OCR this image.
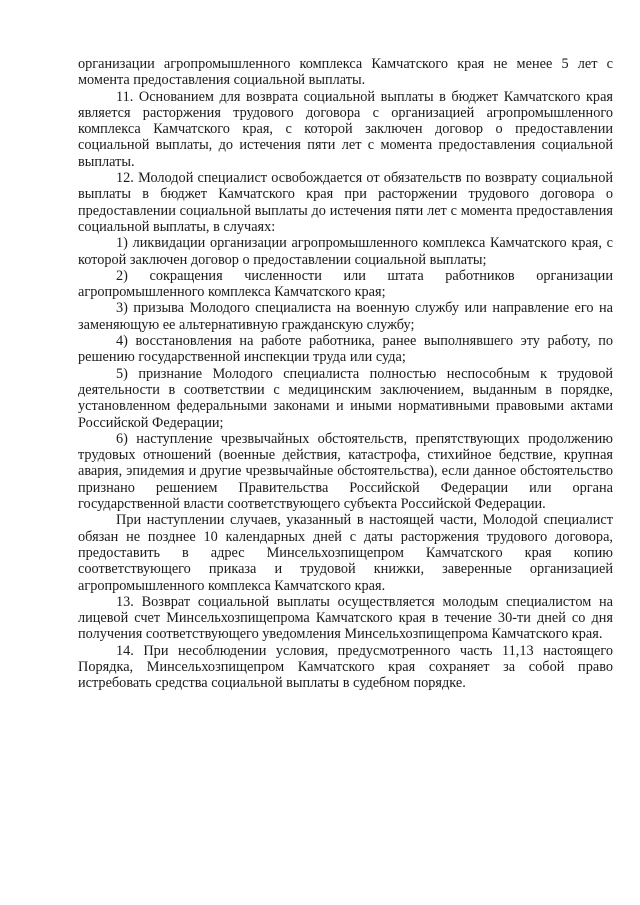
организации агропромышленного комплекса Камчатского края не менее 5 лет с момента предоставления социальной выплаты.

11. Основанием для возврата социальной выплаты в бюджет Камчатского края является расторжения трудового договора с организацией агропромышленного комплекса Камчатского края, с которой заключен договор о предоставлении социальной выплаты, до истечения пяти лет с момента предоставления социальной выплаты.

12. Молодой специалист освобождается от обязательств по возврату социальной выплаты в бюджет Камчатского края при расторжении трудового договора о предоставлении социальной выплаты до истечения пяти лет с момента предоставления социальной выплаты, в случаях:

1) ликвидации организации агропромышленного комплекса Камчатского края, с которой заключен договор о предоставлении социальной выплаты;

2) сокращения численности или штата работников организации агропромышленного комплекса Камчатского края;

3) призыва Молодого специалиста на военную службу или направление его на заменяющую ее альтернативную гражданскую службу;

4) восстановления на работе работника, ранее выполнявшего эту работу, по решению государственной инспекции труда или суда;

5) признание Молодого специалиста полностью неспособным к трудовой деятельности в соответствии с медицинским заключением, выданным в порядке, установленном федеральными законами и иными нормативными правовыми актами Российской Федерации;

6) наступление чрезвычайных обстоятельств, препятствующих продолжению трудовых отношений (военные действия, катастрофа, стихийное бедствие, крупная авария, эпидемия и другие чрезвычайные обстоятельства), если данное обстоятельство признано решением Правительства Российской Федерации или органа государственной власти соответствующего субъекта Российской Федерации.

При наступлении случаев, указанный в настоящей части, Молодой специалист обязан не позднее 10 календарных дней с даты расторжения трудового договора, предоставить в адрес Минсельхозпищепром Камчатского края копию соответствующего приказа и трудовой книжки, заверенные организацией агропромышленного комплекса Камчатского края.

13. Возврат социальной выплаты осуществляется молодым специалистом на лицевой счет Минсельхозпищепрома Камчатского края в течение 30-ти дней со дня получения соответствующего уведомления Минсельхозпищепрома Камчатского края.

14. При несоблюдении условия, предусмотренного часть 11,13 настоящего Порядка, Минсельхозпищепром Камчатского края сохраняет за собой право истребовать средства социальной выплаты в судебном порядке.
